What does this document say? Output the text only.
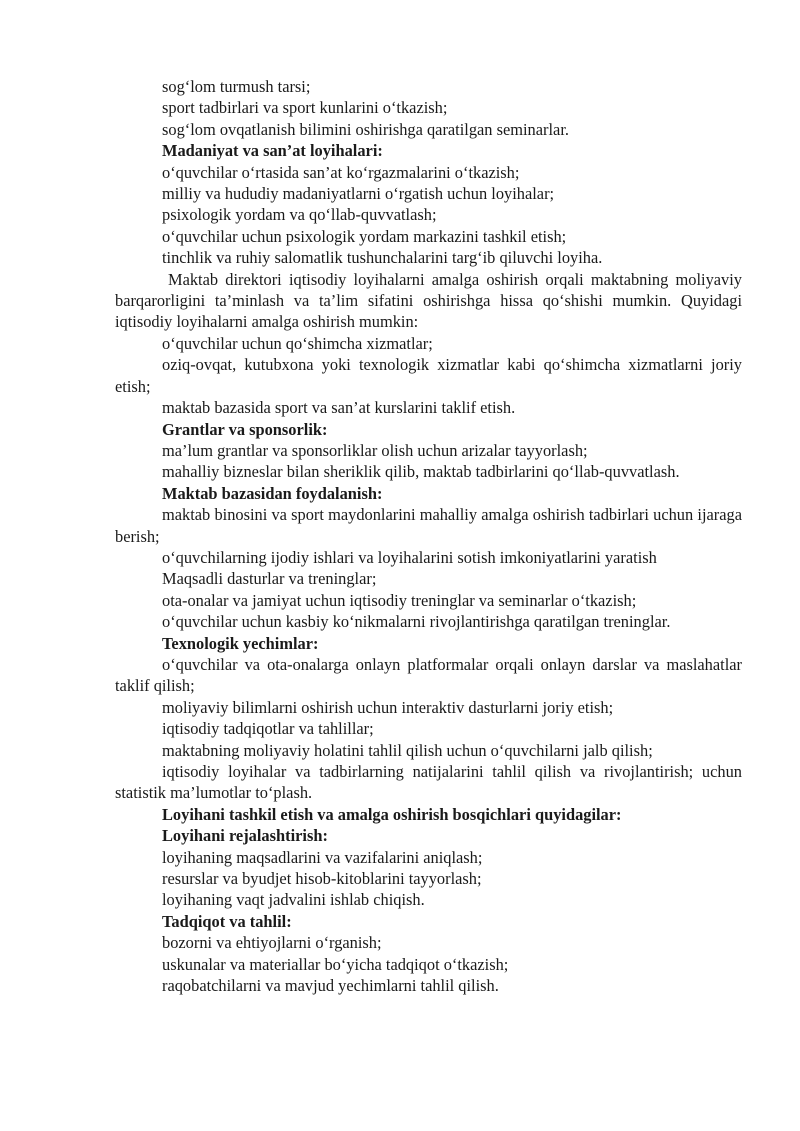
sog‘lom turmush tarsi;

sport tadbirlari va sport kunlarini o‘tkazish;

sog‘lom ovqatlanish bilimini oshirishga qaratilgan seminarlar.

Madaniyat va san’at loyihalari:

o‘quvchilar o‘rtasida san’at ko‘rgazmalarini o‘tkazish;

milliy va hududiy madaniyatlarni o‘rgatish uchun loyihalar;

psixologik yordam va qo‘llab-quvvatlash;

o‘quvchilar uchun psixologik yordam markazini tashkil etish;

tinchlik va ruhiy salomatlik tushunchalarini targ‘ib qiluvchi loyiha.

Maktab direktori iqtisodiy loyihalarni amalga oshirish orqali maktabning moliyaviy barqarorligini ta’minlash va ta’lim sifatini oshirishga hissa qo‘shishi mumkin. Quyidagi iqtisodiy loyihalarni amalga oshirish mumkin:

o‘quvchilar uchun qo‘shimcha xizmatlar;

oziq-ovqat, kutubxona yoki texnologik xizmatlar kabi qo‘shimcha xizmatlarni joriy etish;

maktab bazasida sport va san’at kurslarini taklif etish.

Grantlar va sponsorlik:

ma’lum grantlar va sponsorliklar olish uchun arizalar tayyorlash;

mahalliy bizneslar bilan sheriklik qilib, maktab tadbirlarini qo‘llab-quvvatlash.

Maktab bazasidan foydalanish:

maktab binosini va sport maydonlarini mahalliy amalga oshirish tadbirlari uchun ijaraga berish;

o‘quvchilarning ijodiy ishlari va loyihalarini sotish imkoniyatlarini yaratish

Maqsadli dasturlar va treninglar;

ota-onalar va jamiyat uchun iqtisodiy treninglar va seminarlar o‘tkazish;

o‘quvchilar uchun kasbiy ko‘nikmalarni rivojlantirishga qaratilgan treninglar.

Texnologik yechimlar:

o‘quvchilar va ota-onalarga onlayn platformalar orqali onlayn darslar va maslahatlar taklif qilish;

moliyaviy bilimlarni oshirish uchun interaktiv dasturlarni joriy etish;

iqtisodiy tadqiqotlar va tahlillar;

maktabning moliyaviy holatini tahlil qilish uchun o‘quvchilarni jalb qilish;

iqtisodiy loyihalar va tadbirlarning natijalarini tahlil qilish va rivojlantirish; uchun statistik ma’lumotlar to‘plash.

Loyihani tashkil etish va amalga oshirish bosqichlari quyidagilar:

Loyihani rejalashtirish:

loyihaning maqsadlarini va vazifalarini aniqlash;

resurslar va byudjet hisob-kitoblarini tayyorlash;

loyihaning vaqt jadvalini ishlab chiqish.

Tadqiqot va tahlil:

bozorni va ehtiyojlarni o‘rganish;

uskunalar va materiallar bo‘yicha tadqiqot o‘tkazish;

raqobatchilarni va mavjud yechimlarni tahlil qilish.
